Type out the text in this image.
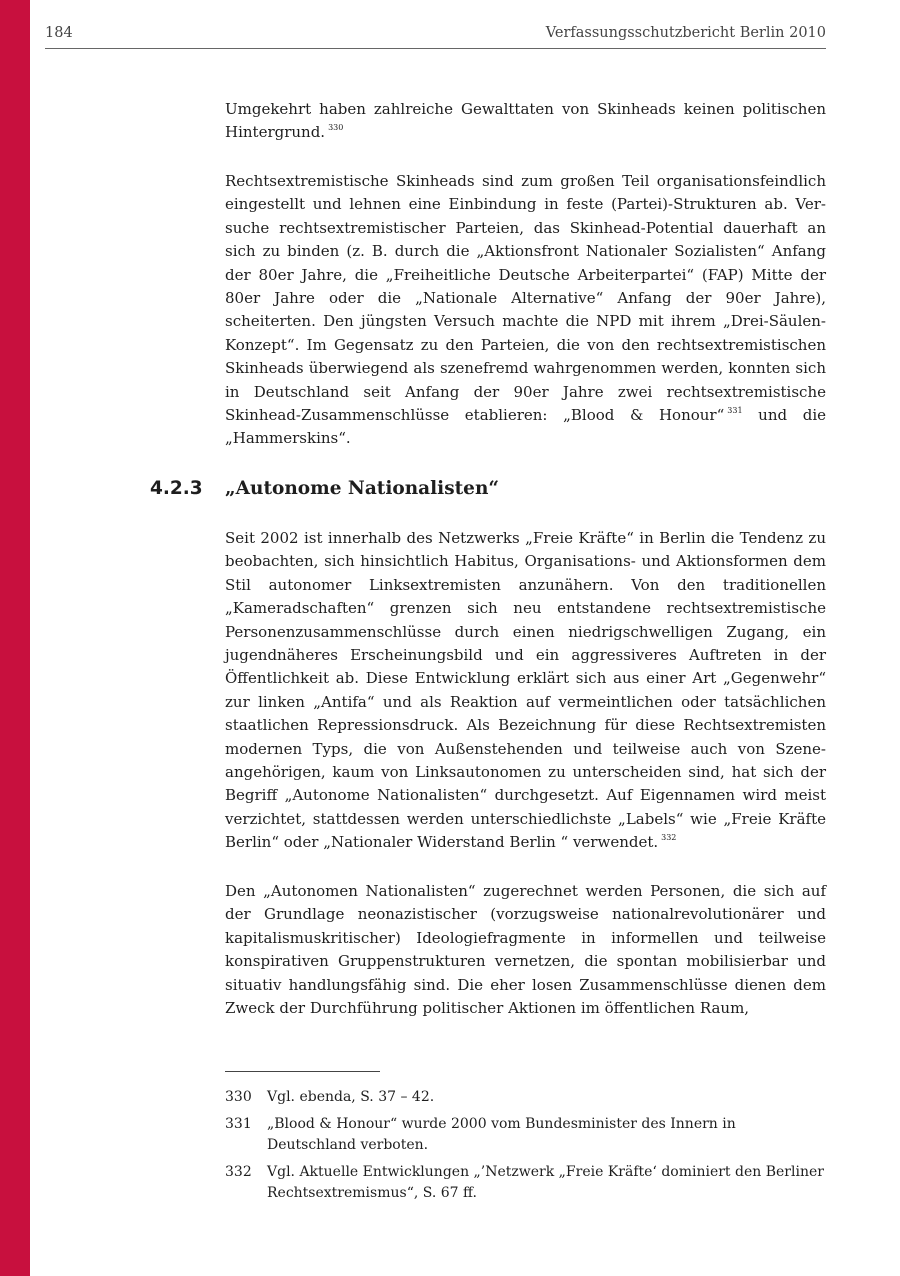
184	Verfassungsschutzbericht Berlin 2010

Umgekehrt haben zahlreiche Gewalttaten von Skinheads keinen politischen Hintergrund. $^{330}$

Rechtsextremistische Skinheads sind zum großen Teil organisationsfeindlich eingestellt und lehnen eine Einbindung in feste (Partei)-Strukturen ab. Versuche rechtsextremistischer Parteien, das Skinhead-Potential dauerhaft an sich zu binden (z. B. durch die „Aktionsfront Nationaler Sozialisten“ Anfang der 80er Jahre, die „Freiheitliche Deutsche Arbeiterpartei“ (FAP) Mitte der 80er Jahre oder die „Nationale Alternative“ Anfang der 90er Jahre), scheiterten. Den jüngsten Versuch machte die NPD mit ihrem „Drei-Säulen-Konzept“. Im Gegensatz zu den Parteien, die von den rechtsextremistischen Skinheads überwiegend als szenefremd wahrgenommen werden, konnten sich in Deutschland seit Anfang der 90er Jahre zwei rechtsextremistische Skinhead-Zusammenschlüsse etablieren: „Blood & Honour“ $^{331}$ und die „Hammerskins“.

4.2.3 „Autonome Nationalisten“

Seit 2002 ist innerhalb des Netzwerks „Freie Kräfte“ in Berlin die Tendenz zu beobachten, sich hinsichtlich Habitus, Organisations- und Aktionsformen dem Stil autonomer Linksextremisten anzunähern. Von den traditionellen „Kameradschaften“ grenzen sich neu entstandene rechtsextremistische Personenzusammenschlüsse durch einen niedrigschwelligen Zugang, ein jugendnäheres Erscheinungsbild und ein aggressiveres Auftreten in der Öffentlichkeit ab. Diese Entwicklung erklärt sich aus einer Art „Gegenwehr“ zur linken „Antifa“ und als Reaktion auf vermeintlichen oder tatsächlichen staatlichen Repressionsdruck. Als Bezeichnung für diese Rechtsextremisten modernen Typs, die von Außenstehenden und teilweise auch von Szeneangehörigen, kaum von Linksautonomen zu unterscheiden sind, hat sich der Begriff „Autonome Nationalisten“ durchgesetzt. Auf Eigennamen wird meist verzichtet, stattdessen werden unterschiedlichste „Labels“ wie „Freie Kräfte Berlin“ oder „Nationaler Widerstand Berlin “ verwendet. $^{332}$

Den „Autonomen Nationalisten“ zugerechnet werden Personen, die sich auf der Grundlage neonazistischer (vorzugsweise nationalrevolutionärer und kapitalismuskritischer) Ideologiefragmente in informellen und teilweise konspirativen Gruppenstrukturen vernetzen, die spontan mobilisierbar und situativ handlungsfähig sind. Die eher losen Zusammenschlüsse dienen dem Zweck der Durchführung politischer Aktionen im öffentlichen Raum,

330 Vgl. ebenda, S. 37 – 42.
331 „Blood & Honour“ wurde 2000 vom Bundesminister des Innern in Deutschland verboten.
332 Vgl. Aktuelle Entwicklungen „’Netzwerk „Freie Kräfte‘ dominiert den Berliner Rechtsextremismus“, S. 67 ff.
